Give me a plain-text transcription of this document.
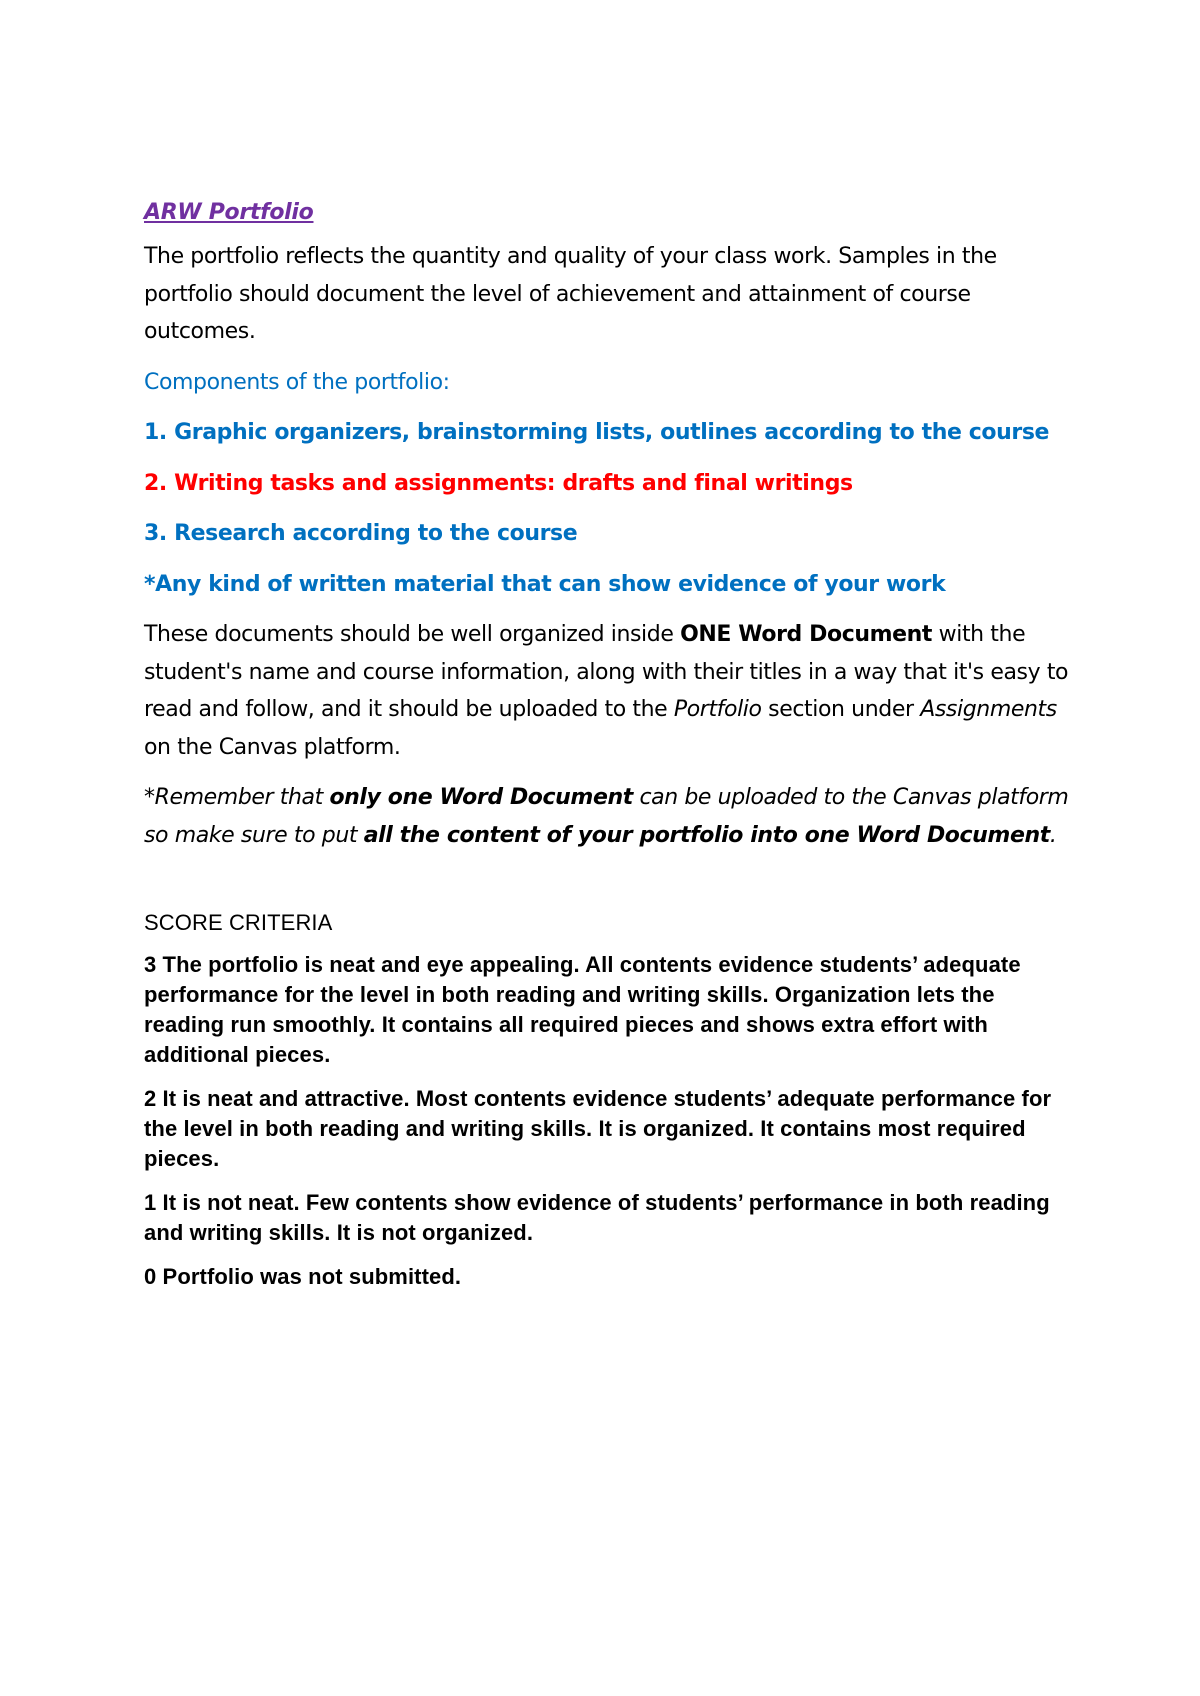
ARW Portfolio

The portfolio reflects the quantity and quality of your class work. Samples in the portfolio should document the level of achievement and attainment of course outcomes.

Components of the portfolio:

1. Graphic organizers, brainstorming lists, outlines according to the course

2. Writing tasks and assignments: drafts and final writings

3. Research according to the course

*Any kind of written material that can show evidence of your work

These documents should be well organized inside ONE Word Document with the student's name and course information, along with their titles in a way that it's easy to read and follow, and it should be uploaded to the Portfolio section under Assignments on the Canvas platform.

*Remember that only one Word Document can be uploaded to the Canvas platform so make sure to put all the content of your portfolio into one Word Document.

SCORE CRITERIA

3 The portfolio is neat and eye appealing. All contents evidence students’ adequate performance for the level in both reading and writing skills. Organization lets the reading run smoothly. It contains all required pieces and shows extra effort with additional pieces.

2 It is neat and attractive. Most contents evidence students’ adequate performance for the level in both reading and writing skills. It is organized. It contains most required pieces.

1 It is not neat. Few contents show evidence of students’ performance in both reading and writing skills. It is not organized.

0 Portfolio was not submitted.
